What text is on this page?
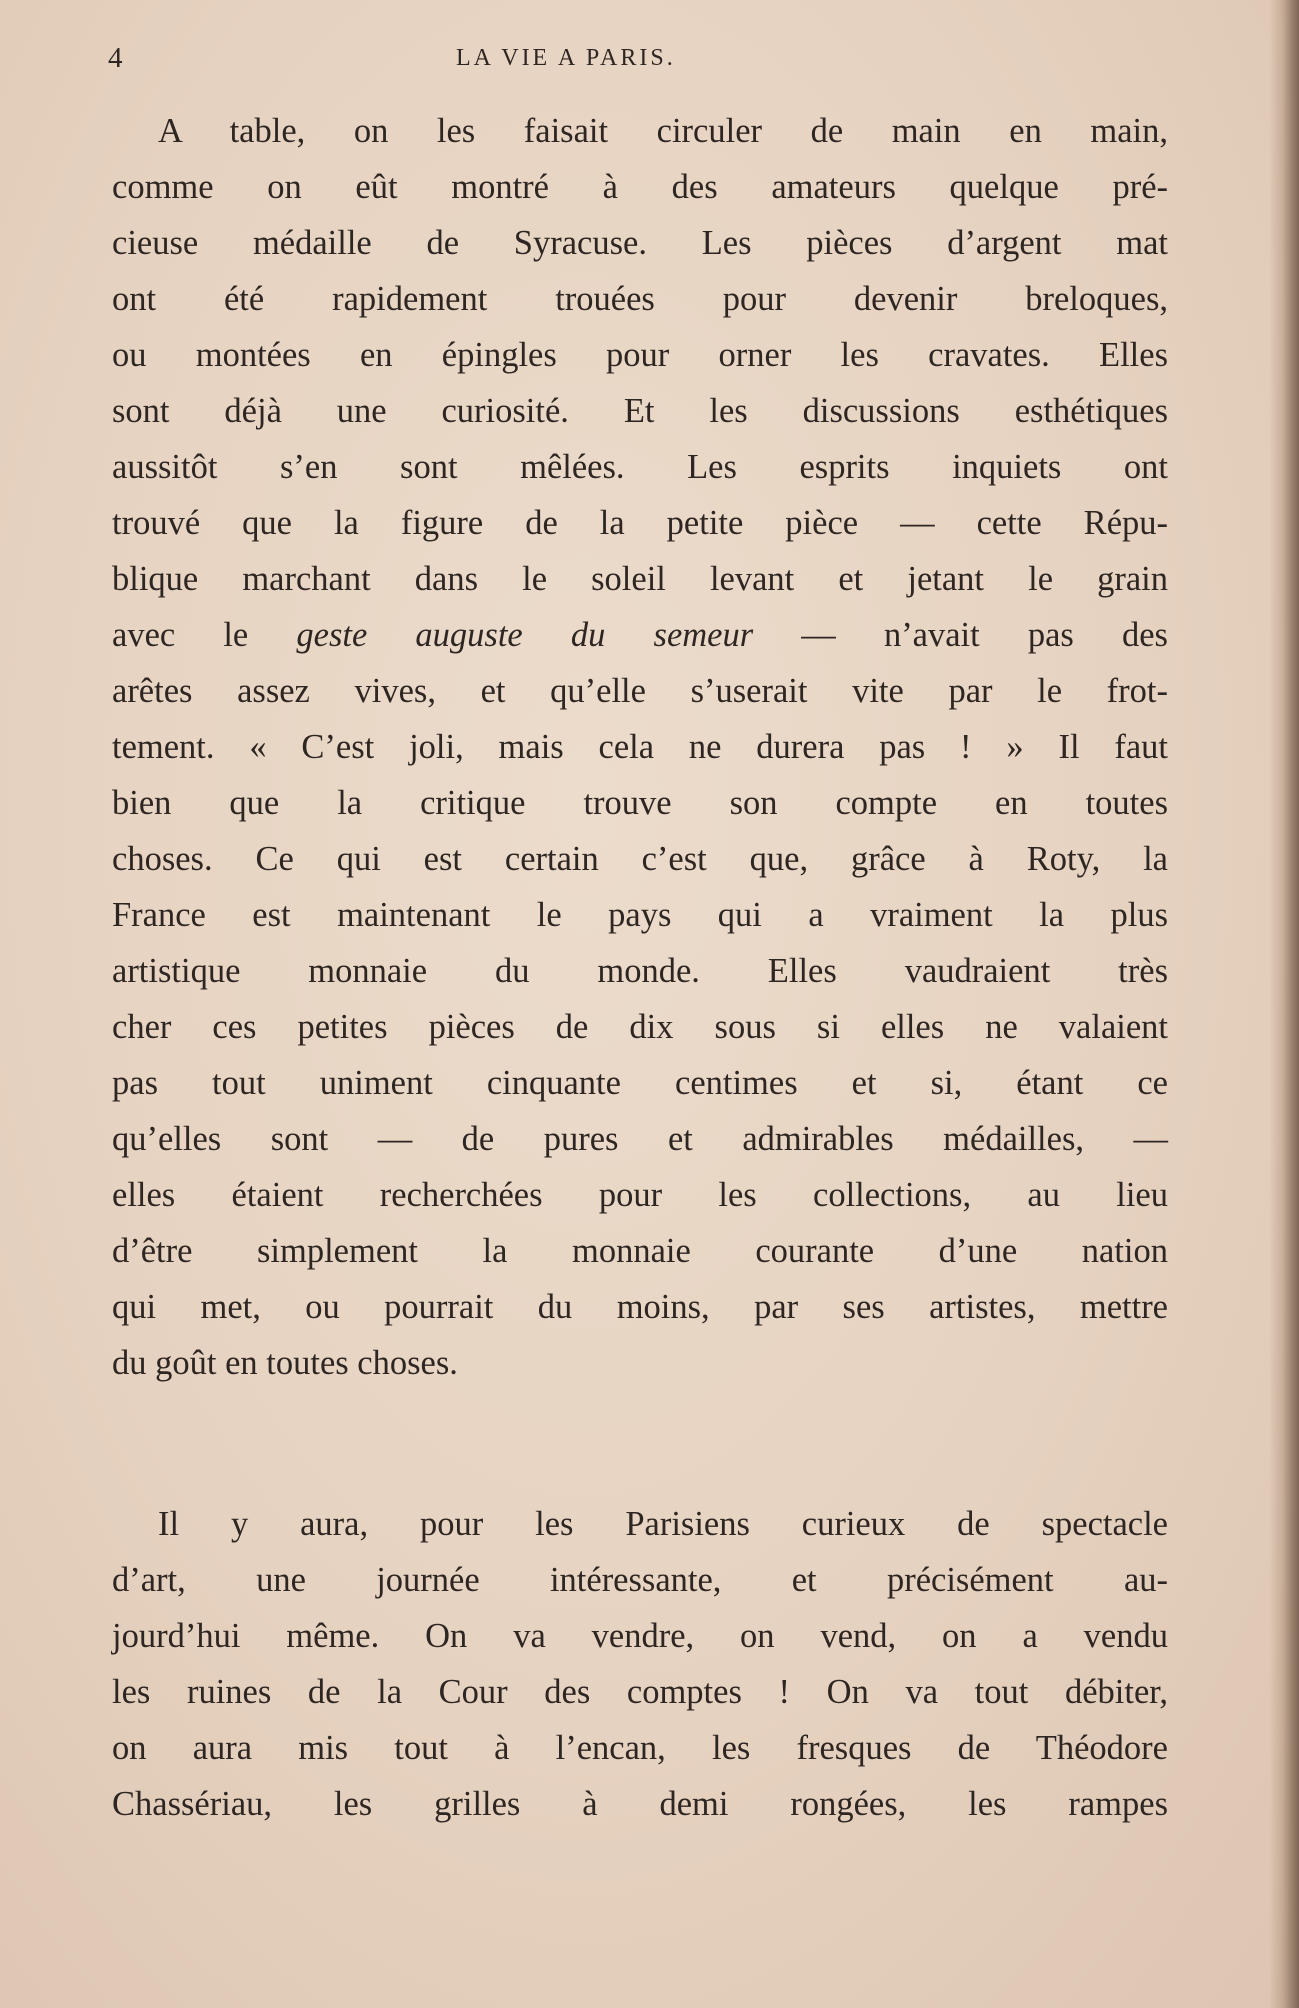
4	LA VIE A PARIS.
A table, on les faisait circuler de main en main,
comme on eût montré à des amateurs quelque pré-
cieuse médaille de Syracuse. Les pièces d’argent mat
ont été rapidement trouées pour devenir breloques,
ou montées en épingles pour orner les cravates. Elles
sont déjà une curiosité. Et les discussions esthétiques
aussitôt s’en sont mêlées. Les esprits inquiets ont
trouvé que la figure de la petite pièce — cette Répu-
blique marchant dans le soleil levant et jetant le grain
avec le geste auguste du semeur — n’avait pas des
arêtes assez vives, et qu’elle s’userait vite par le frot-
tement. « C’est joli, mais cela ne durera pas ! » Il faut
bien que la critique trouve son compte en toutes
choses. Ce qui est certain c’est que, grâce à Roty, la
France est maintenant le pays qui a vraiment la plus
artistique monnaie du monde. Elles vaudraient très
cher ces petites pièces de dix sous si elles ne valaient
pas tout uniment cinquante centimes et si, étant ce
qu’elles sont — de pures et admirables médailles, —
elles étaient recherchées pour les collections, au lieu
d’être simplement la monnaie courante d’une nation
qui met, ou pourrait du moins, par ses artistes, mettre
du goût en toutes choses.
Il y aura, pour les Parisiens curieux de spectacle
d’art, une journée intéressante, et précisément au-
jourd’hui même. On va vendre, on vend, on a vendu
les ruines de la Cour des comptes ! On va tout débiter,
on aura mis tout à l’encan, les fresques de Théodore
Chassériau, les grilles à demi rongées, les rampes
